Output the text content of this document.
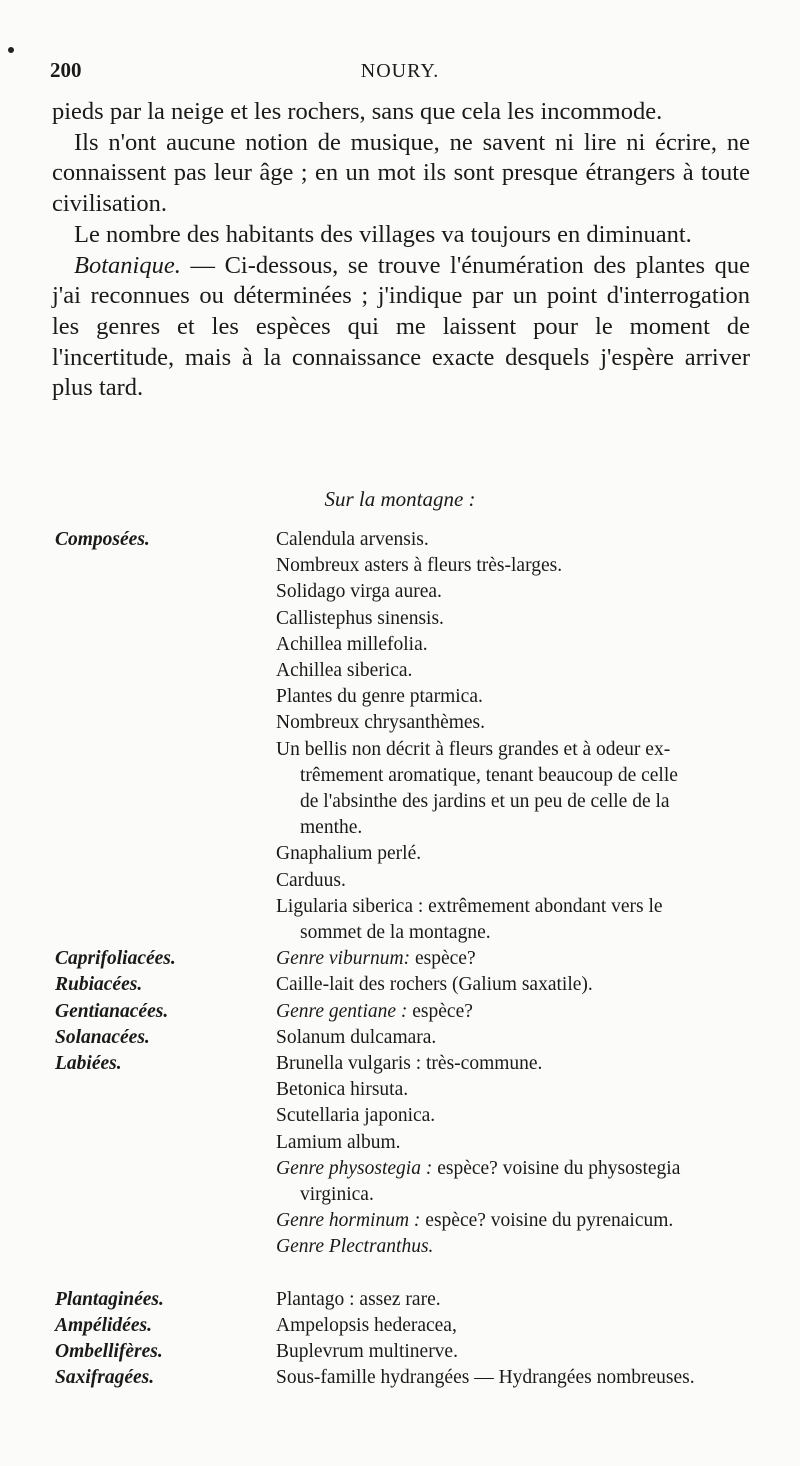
200	NOURY.

pieds par la neige et les rochers, sans que cela les incommode.

Ils n'ont aucune notion de musique, ne savent ni lire ni écrire, ne connaissent pas leur âge ; en un mot ils sont presque étrangers à toute civilisation.

Le nombre des habitants des villages va toujours en diminuant.

Botanique. — Ci-dessous, se trouve l'énumération des plantes que j'ai reconnues ou déterminées ; j'indique par un point d'interrogation les genres et les espèces qui me laissent pour le moment de l'incertitude, mais à la connaissance exacte desquels j'espère arriver plus tard.

Sur la montagne :
Composées.	Calendula arvensis.
Nombreux asters à fleurs très-larges.
Solidago virga aurea.
Callistephus sinensis.
Achillea millefolia.
Achillea siberica.
Plantes du genre ptarmica.
Nombreux chrysanthèmes.
Un bellis non décrit à fleurs grandes et à odeur ex-
trêmement aromatique, tenant beaucoup de celle
de l'absinthe des jardins et un peu de celle de la
menthe.
Gnaphalium perlé.
Carduus.
Ligularia siberica : extrêmement abondant vers le
sommet de la montagne.
Caprifoliacées.	Genre viburnum: espèce?
Rubiacées.	Caille-lait des rochers (Galium saxatile).
Gentianacées.	Genre gentiane : espèce?
Solanacées.	Solanum dulcamara.
Labiées.	Brunella vulgaris : très-commune.
Betonica hirsuta.
Scutellaria japonica.
Lamium album.
Genre physostegia : espèce? voisine du physostegia
virginica.
Genre horminum : espèce? voisine du pyrenaicum.
Genre Plectranthus.
Plantaginées.	Plantago : assez rare.
Ampélidées.	Ampelopsis hederacea,
Ombellifères.	Buplevrum multinerve.
Saxifragées.	Sous-famille hydrangées — Hydrangées nombreuses.
